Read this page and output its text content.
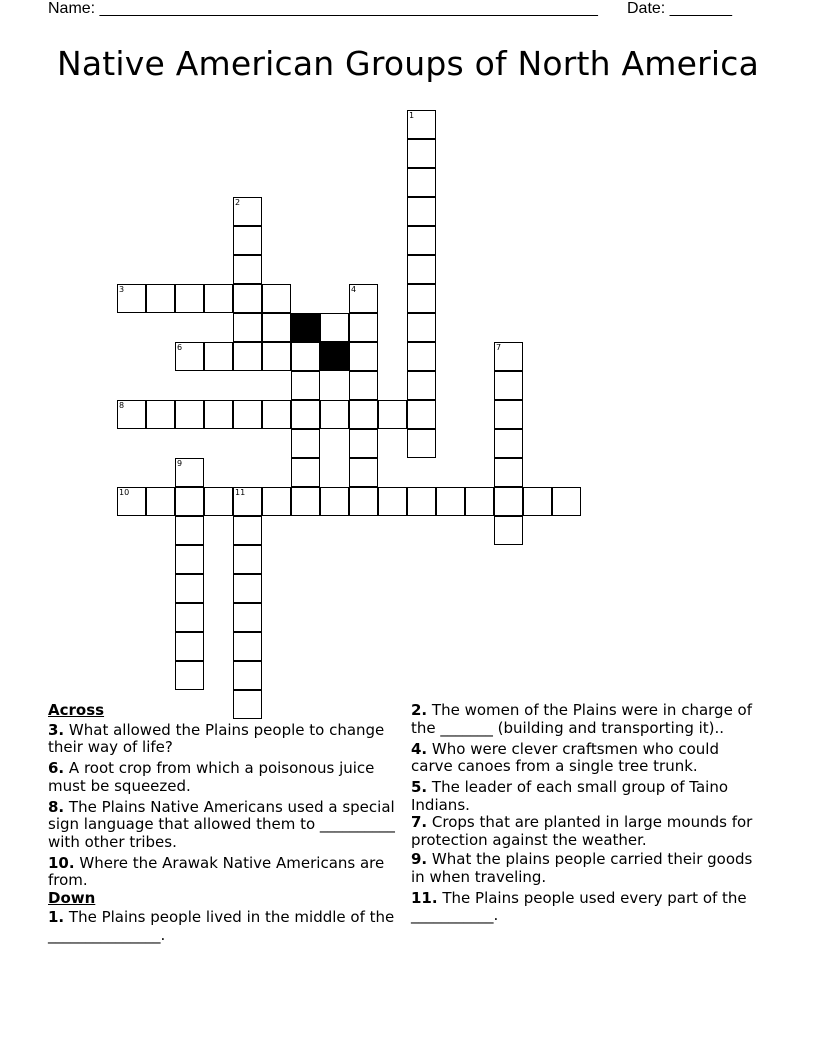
Name: ________________________________________________________ Date: _______
Native American Groups of North America
1
2
4
7
9
11
3
6
8
10
Across
3. What allowed the Plains people to change their way of life?
6. A root crop from which a poisonous juice must be squeezed.
8. The Plains Native Americans used a special sign language that allowed them to __________ with other tribes.
10. Where the Arawak Native Americans are from.
Down
1. The Plains people lived in the middle of the _______________.
2. The women of the Plains were in charge of the _______ (building and transporting it)..
4. Who were clever craftsmen who could carve canoes from a single tree trunk.
5. The leader of each small group of Taino Indians.
7. Crops that are planted in large mounds for protection against the weather.
9. What the plains people carried their goods in when traveling.
11. The Plains people used every part of the ___________.
